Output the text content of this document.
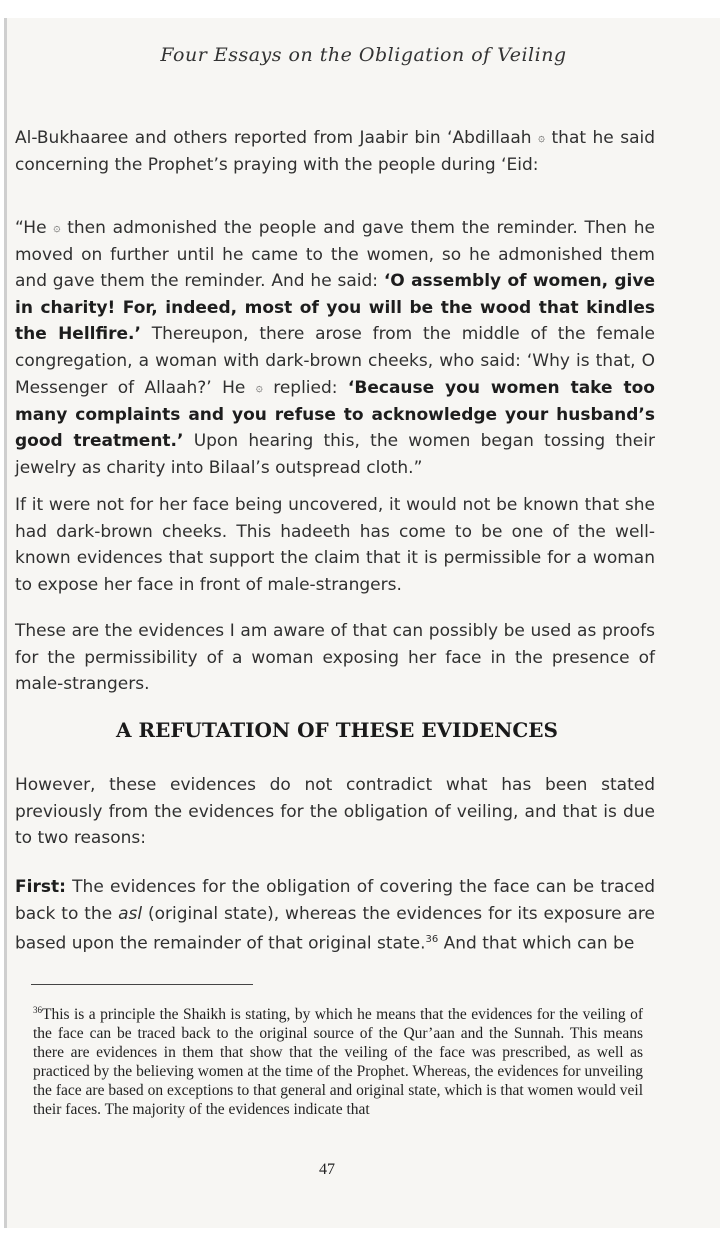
Four Essays on the Obligation of Veiling

Al-Bukhaaree and others reported from Jaabir bin ‘Abdillaah ۞ that he said concerning the Prophet’s praying with the people during ‘Eid:

“He ۞ then admonished the people and gave them the reminder. Then he moved on further until he came to the women, so he admonished them and gave them the reminder. And he said: ‘O assembly of women, give in charity! For, indeed, most of you will be the wood that kindles the Hellfire.’ Thereupon, there arose from the middle of the female congregation, a woman with dark-brown cheeks, who said: ‘Why is that, O Messenger of Allaah?’ He ۞ replied: ‘Because you women take too many complaints and you refuse to acknowledge your husband’s good treatment.’ Upon hearing this, the women began tossing their jewelry as charity into Bilaal’s outspread cloth.”

If it were not for her face being uncovered, it would not be known that she had dark-brown cheeks. This hadeeth has come to be one of the well-known evidences that support the claim that it is permissible for a woman to expose her face in front of male-strangers.

These are the evidences I am aware of that can possibly be used as proofs for the permissibility of a woman exposing her face in the presence of male-strangers.

A REFUTATION OF THESE EVIDENCES

However, these evidences do not contradict what has been stated previously from the evidences for the obligation of veiling, and that is due to two reasons:

First: The evidences for the obligation of covering the face can be traced back to the asl (original state), whereas the evidences for its exposure are based upon the remainder of that original state.$^{36}$ And that which can be

$^{36}$This is a principle the Shaikh is stating, by which he means that the evidences for the veiling of the face can be traced back to the original source of the Qur’aan and the Sunnah. This means there are evidences in them that show that the veiling of the face was prescribed, as well as practiced by the believing women at the time of the Prophet. Whereas, the evidences for unveiling the face are based on exceptions to that general and original state, which is that women would veil their faces. The majority of the evidences indicate that

47
